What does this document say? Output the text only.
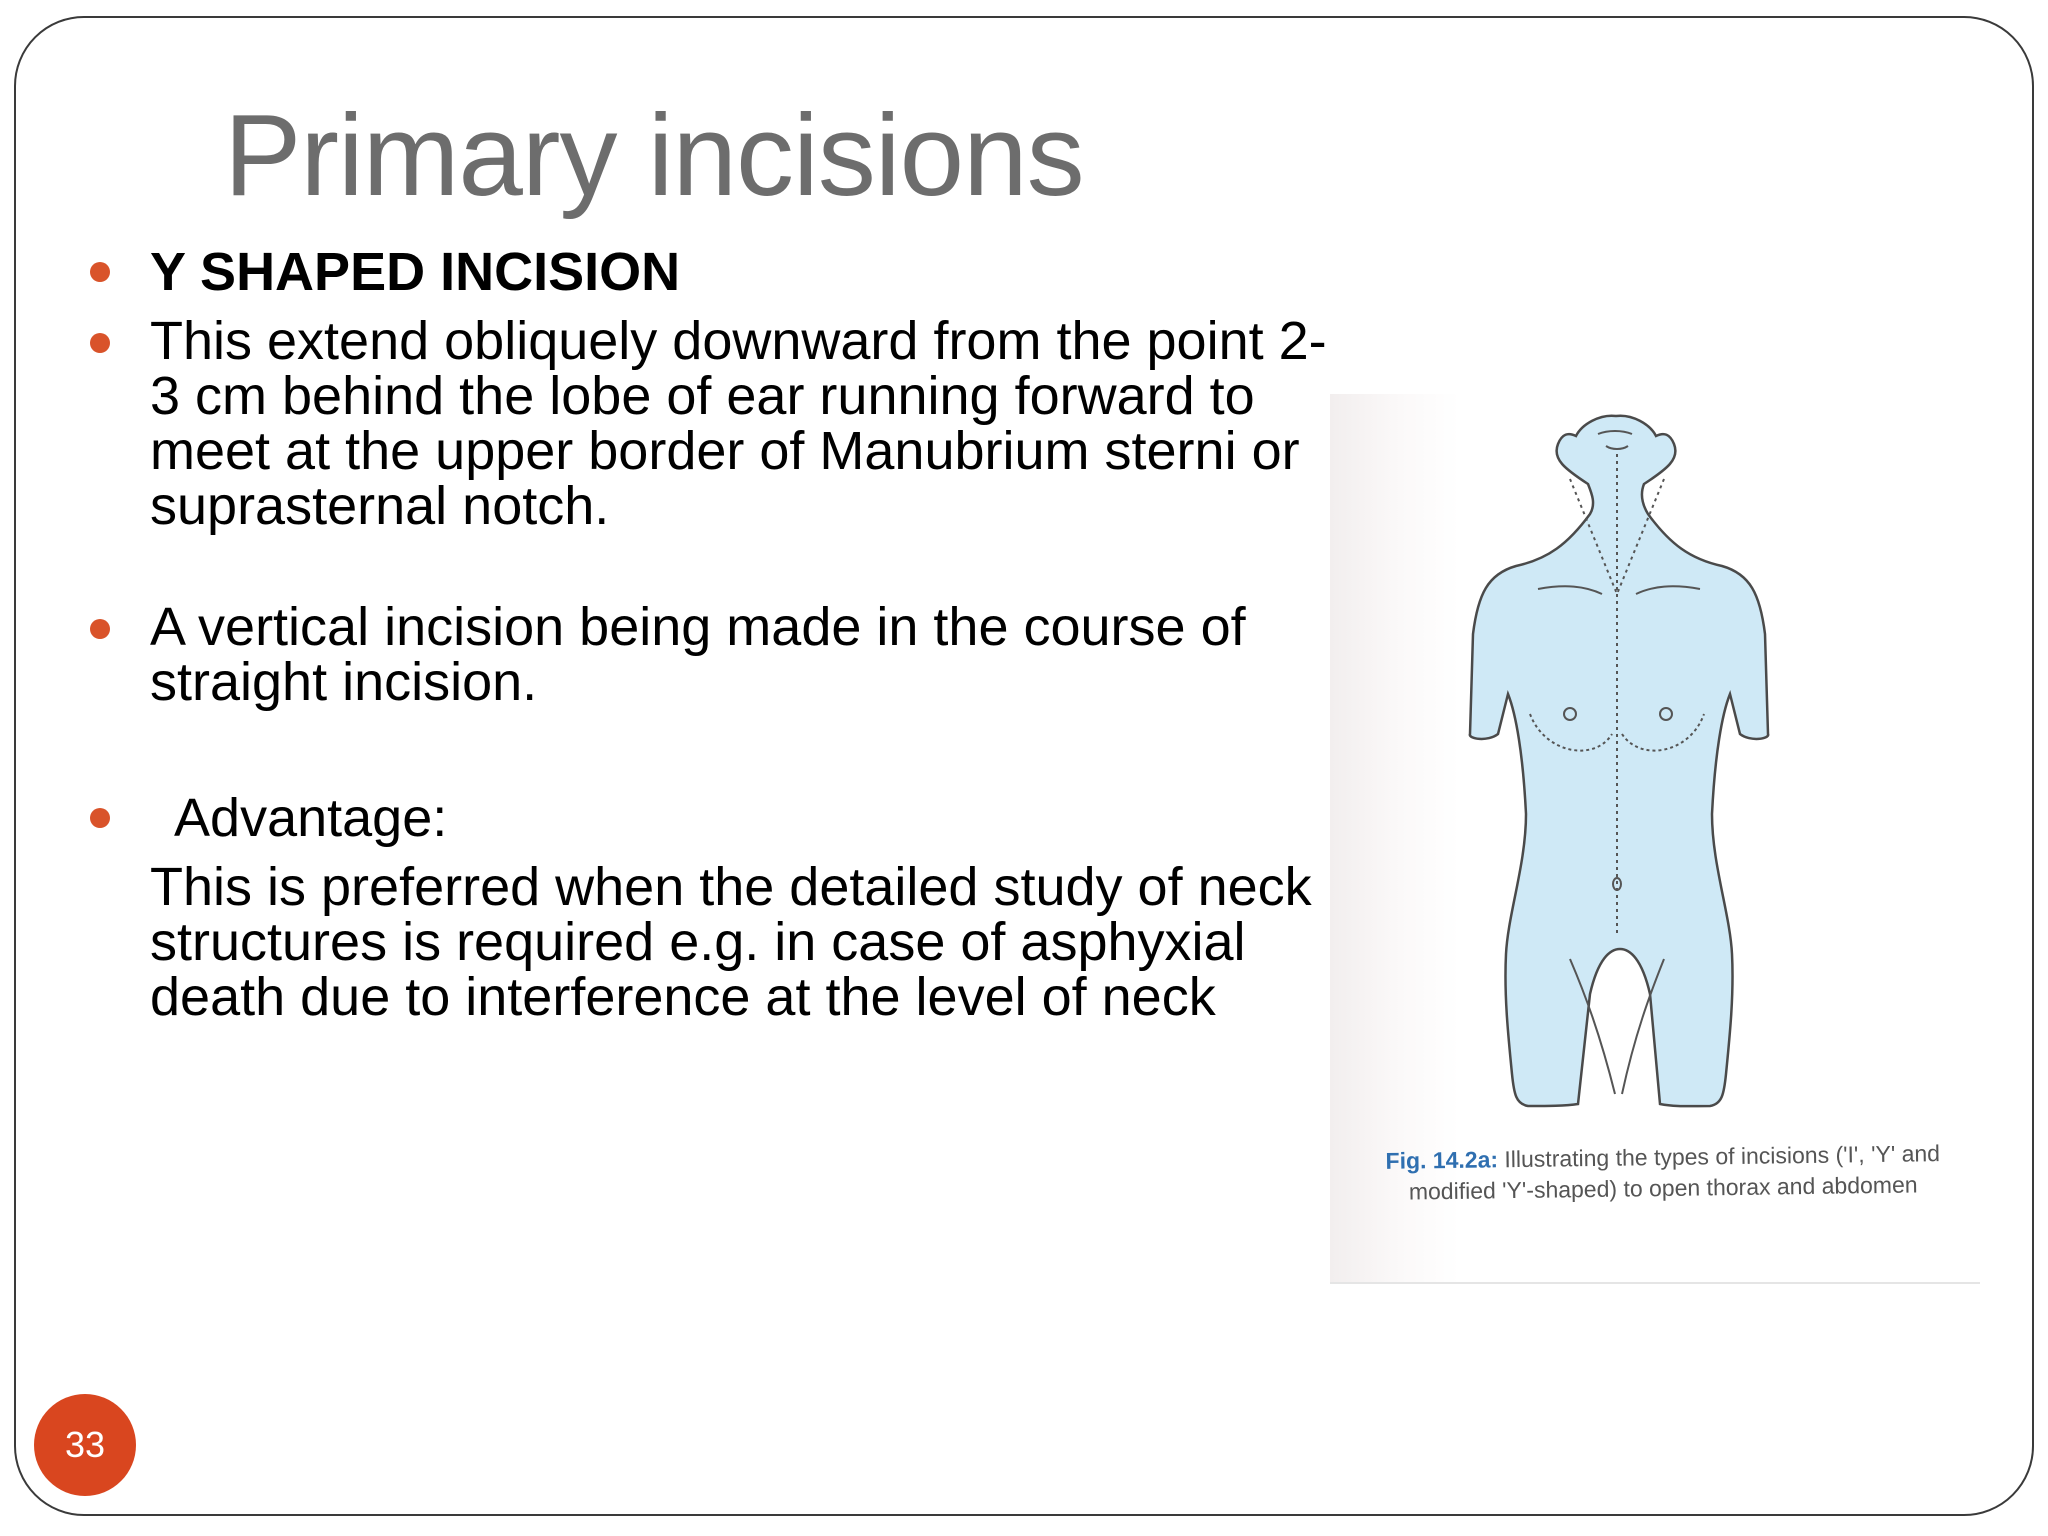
Primary incisions
Y SHAPED INCISION
This extend obliquely downward from the point 2-3 cm behind the lobe of ear running forward to meet at the upper border of Manubrium sterni or suprasternal notch.
A vertical incision being made in the course of straight incision.
Advantage:
This is preferred when the detailed study of neck structures is required e.g. in case of asphyxial death due to interference at the level of neck
Fig. 14.2a: Illustrating the types of incisions ('I', 'Y' and modified 'Y'-shaped) to open thorax and abdomen
33
